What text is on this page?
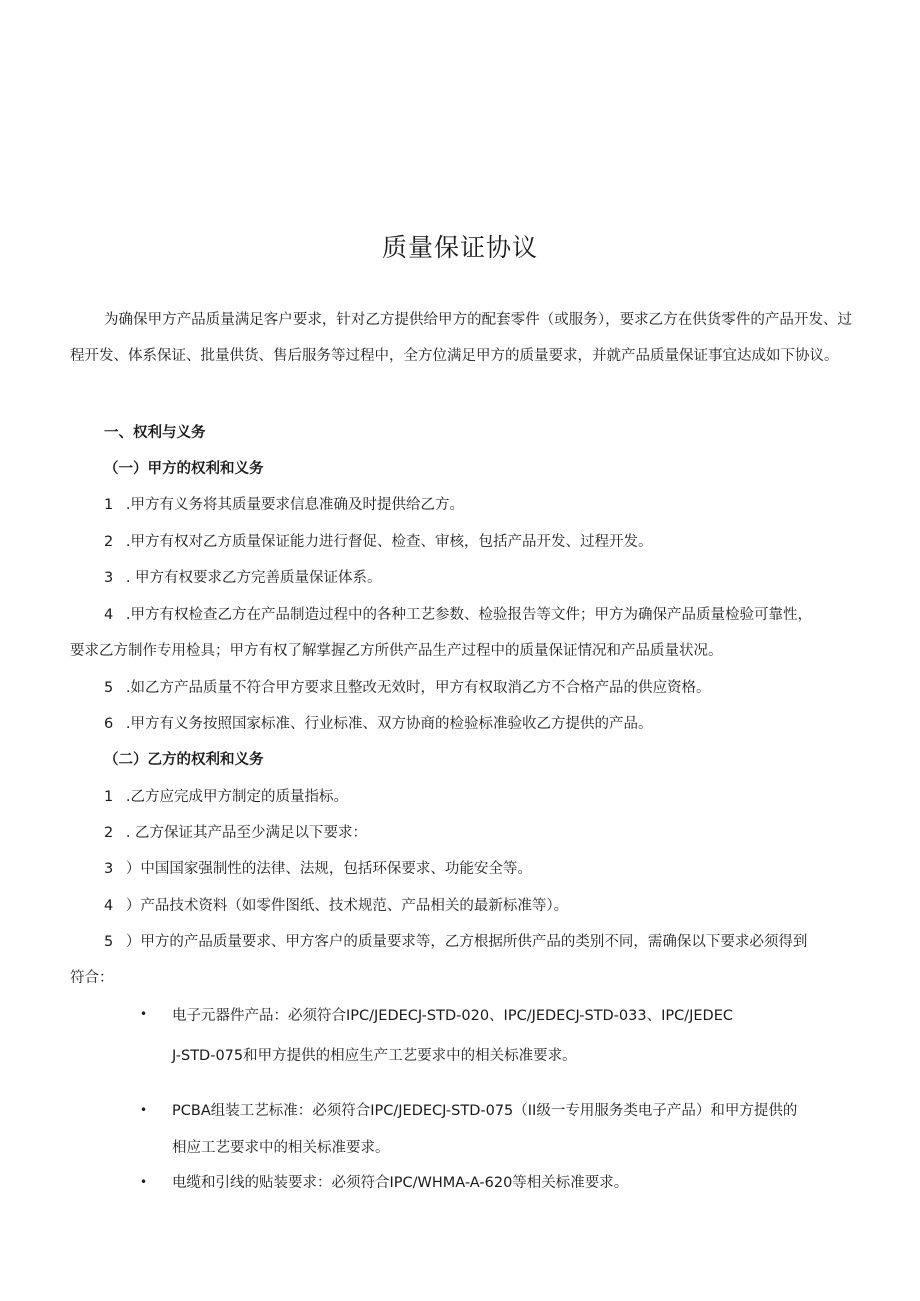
质量保证协议
为确保甲方产品质量满足客户要求，针对乙方提供给甲方的配套零件（或服务），要求乙方在供货零件的产品开发、过程开发、体系保证、批量供货、售后服务等过程中，全方位满足甲方的质量要求，并就产品质量保证事宜达成如下协议。
一、权利与义务
（一）甲方的权利和义务
1 .甲方有义务将其质量要求信息准确及时提供给乙方。
2 .甲方有权对乙方质量保证能力进行督促、检查、审核，包括产品开发、过程开发。
3 . 甲方有权要求乙方完善质量保证体系。
4 .甲方有权检查乙方在产品制造过程中的各种工艺参数、检验报告等文件；甲方为确保产品质量检验可靠性，
要求乙方制作专用检具；甲方有权了解掌握乙方所供产品生产过程中的质量保证情况和产品质量状况。
5 .如乙方产品质量不符合甲方要求且整改无效时，甲方有权取消乙方不合格产品的供应资格。
6 .甲方有义务按照国家标准、行业标准、双方协商的检验标准验收乙方提供的产品。
（二）乙方的权利和义务
1 .乙方应完成甲方制定的质量指标。
2 . 乙方保证其产品至少满足以下要求：
3 ）中国国家强制性的法律、法规，包括环保要求、功能安全等。
4 ）产品技术资料（如零件图纸、技术规范、产品相关的最新标准等）。
5 ）甲方的产品质量要求、甲方客户的质量要求等，乙方根据所供产品的类别不同，需确保以下要求必须得到
符合：
• 电子元器件产品：必须符合IPC/JEDECJ-STD-020、IPC/JEDECJ-STD-033、IPC/JEDEC
J-STD-075和甲方提供的相应生产工艺要求中的相关标准要求。
• PCBA组装工艺标准：必须符合IPC/JEDECJ-STD-075（II级一专用服务类电子产品）和甲方提供的
相应工艺要求中的相关标准要求。
• 电缆和引线的贴装要求：必须符合IPC/WHMA-A-620等相关标准要求。
